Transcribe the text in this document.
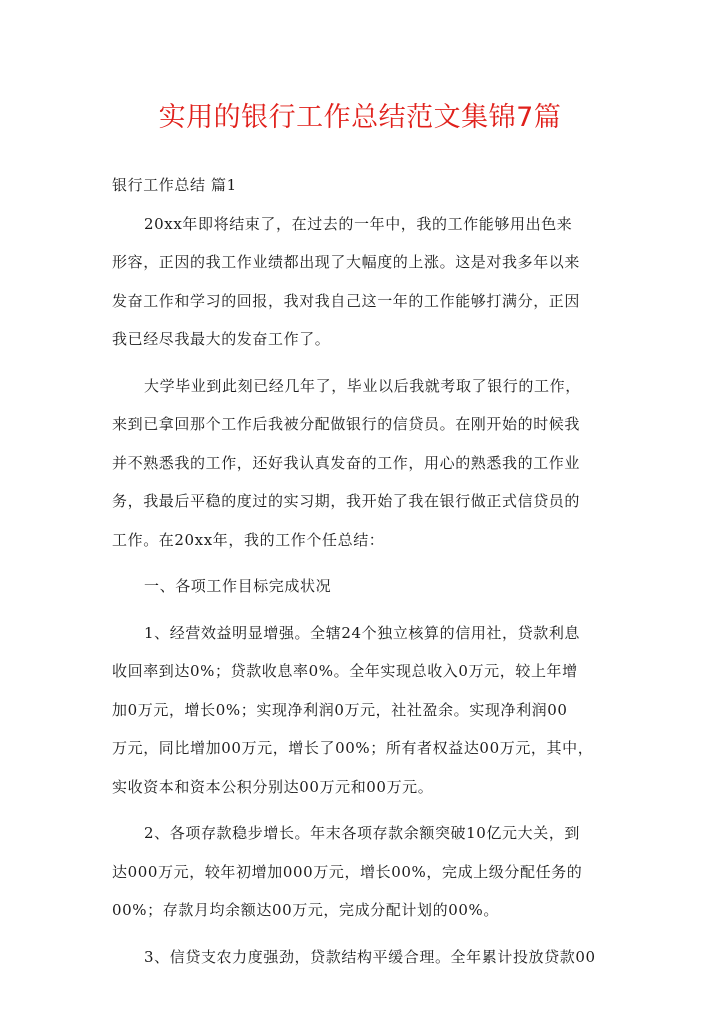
实用的银行工作总结范文集锦7篇
银行工作总结 篇1
20xx年即将结束了，在过去的一年中，我的工作能够用出色来
形容，正因的我工作业绩都出现了大幅度的上涨。这是对我多年以来
发奋工作和学习的回报，我对我自己这一年的工作能够打满分，正因
我已经尽我最大的发奋工作了。
大学毕业到此刻已经几年了，毕业以后我就考取了银行的工作，
来到已拿回那个工作后我被分配做银行的信贷员。在刚开始的时候我
并不熟悉我的工作，还好我认真发奋的工作，用心的熟悉我的工作业
务，我最后平稳的度过的实习期，我开始了我在银行做正式信贷员的
工作。在20xx年，我的工作个任总结：
一、各项工作目标完成状况
1、经营效益明显增强。全辖24个独立核算的信用社，贷款利息
收回率到达0%；贷款收息率0%。全年实现总收入0万元，较上年增
加0万元，增长0%；实现净利润0万元，社社盈余。实现净利润00
万元，同比增加00万元，增长了00%；所有者权益达00万元，其中，
实收资本和资本公积分别达00万元和00万元。
2、各项存款稳步增长。年末各项存款余额突破10亿元大关，到
达000万元，较年初增加000万元，增长00%，完成上级分配任务的
00%；存款月均余额达00万元，完成分配计划的00%。
3、信贷支农力度强劲，贷款结构平缓合理。全年累计投放贷款00
